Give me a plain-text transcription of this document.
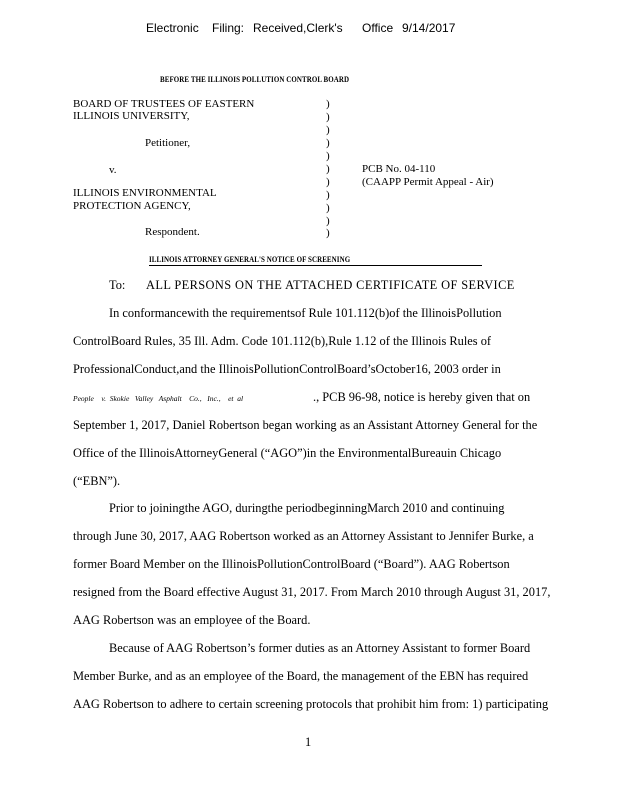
Electronic Filing: Received,Clerk's Office 9/14/2017
BEFORE THE ILLINOIS POLLUTION CONTROL BOARD
BOARD OF TRUSTEES OF EASTERN
ILLINOIS UNIVERSITY,
Petitioner,
v.
ILLINOIS ENVIRONMENTAL
PROTECTION AGENCY,
Respondent.
)
)
)
)
)
)
)
)
)
)
)
PCB No. 04-110
(CAAPP Permit Appeal - Air)
ILLINOIS ATTORNEY GENERAL'S NOTICE OF SCREENING
To: ALL PERSONS ON THE ATTACHED CERTIFICATE OF SERVICE
In conformancewith the requirementsof Rule 101.112(b)of the IllinoisPollution
ControlBoard Rules, 35 Ill. Adm. Code 101.112(b),Rule 1.12 of the Illinois Rules of
ProfessionalConduct,and the IllinoisPollutionControlBoard’sOctober16, 2003 order in
People    v.  Skokie   Valley   Asphalt    Co.,   Inc.,    et  al	., PCB 96-98, notice is hereby given that on
September 1, 2017, Daniel Robertson began working as an Assistant Attorney General for the
Office of the IllinoisAttorneyGeneral (“AGO”)in the EnvironmentalBureauin Chicago
(“EBN”).
Prior to joiningthe AGO, duringthe periodbeginningMarch 2010 and continuing
through June 30, 2017, AAG Robertson worked as an Attorney Assistant to Jennifer Burke, a
former Board Member on the IllinoisPollutionControlBoard (“Board”). AAG Robertson
resigned from the Board effective August 31, 2017. From March 2010 through August 31, 2017,
AAG Robertson was an employee of the Board.
Because of AAG Robertson’s former duties as an Attorney Assistant to former Board
Member Burke, and as an employee of the Board, the management of the EBN has required
AAG Robertson to adhere to certain screening protocols that prohibit him from: 1) participating
1
